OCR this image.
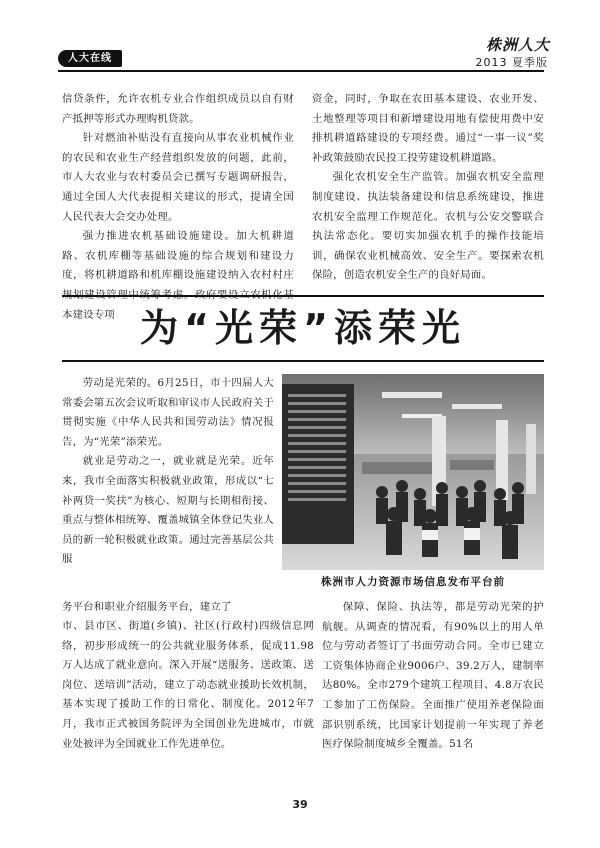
人大在线
株洲人大
2013 夏季版

信贷条件，允许农机专业合作组织成员以自有财产抵押等形式办理购机贷款。

针对燃油补贴没有直接向从事农业机械作业的农民和农业生产经营组织发放的问题，此前，市人大农业与农村委员会已撰写专题调研报告，通过全国人大代表提相关建议的形式，提请全国人民代表大会交办处理。

强力推进农机基础设施建设。加大机耕道路、农机库棚等基础设施的综合规划和建设力度，将机耕道路和机库棚设施建设纳入农村村庄 本建设专项

资金，同时，争取在农田基本建设、农业开发、土地整理等项目和新增建设用地有偿使用费中安排机耕道路建设的专项经费。通过“一事一议”奖补政策鼓励农民投工投劳建设机耕道路。

强化农机安全生产监管。加强农机安全监理制度建设、执法装备建设和信息系统建设，推进农机安全监理工作规范化。农机与公安交警联合执法常态化。要切实加强农机手的操作技能培训，确保农业机械高效、安全生产。要探索农机保险，创造农机安全生产的良好局面。

为“光荣”添荣光

劳动是光荣的。6月25日，市十四届人大常委会第五次会议听取和审议市人民政府关于贯彻实施《中华人民共和国劳动法》情况报告，为“光荣”添荣光。

就业是劳动之一，就业就是光荣。近年来，我市全面落实积极就业政策，形成以“七补两贷一奖扶”为核心、短期与长期相衔接、重点与整体相统筹、覆盖城镇全体登记失业人员的新一轮积极就业政策。通过完善基层公共服

务平台和职业介绍服务平台，建立了

株洲市人力资源市场信息发布平台前

市、县市区、街道(乡镇)、社区(行政村)四级信息网络，初步形成统一的公共就业服务体系，促成11.98万人达成了就业意向。深入开展“送服务、送政策、送岗位、送培训”活动，建立了动态就业援助长效机制，基本实现了援助工作的日常化、制度化。2012年7月，我市正式被国务院评为全国创业先进城市，市就业处被评为全国就业工作先进单位。

保障、保险、执法等，都是劳动光荣的护航舰。从调查的情况看，有90%以上的用人单位与劳动者签订了书面劳动合同。全市已建立工资集体协商企业9006户、39.2万人，建制率达80%。全市279个建筑工程项目、4.8万农民工参加了工伤保险。全面推广使用养老保险面部识别系统，比国家计划提前一年实现了养老医疗保险制度城乡全覆盖。51名

39
